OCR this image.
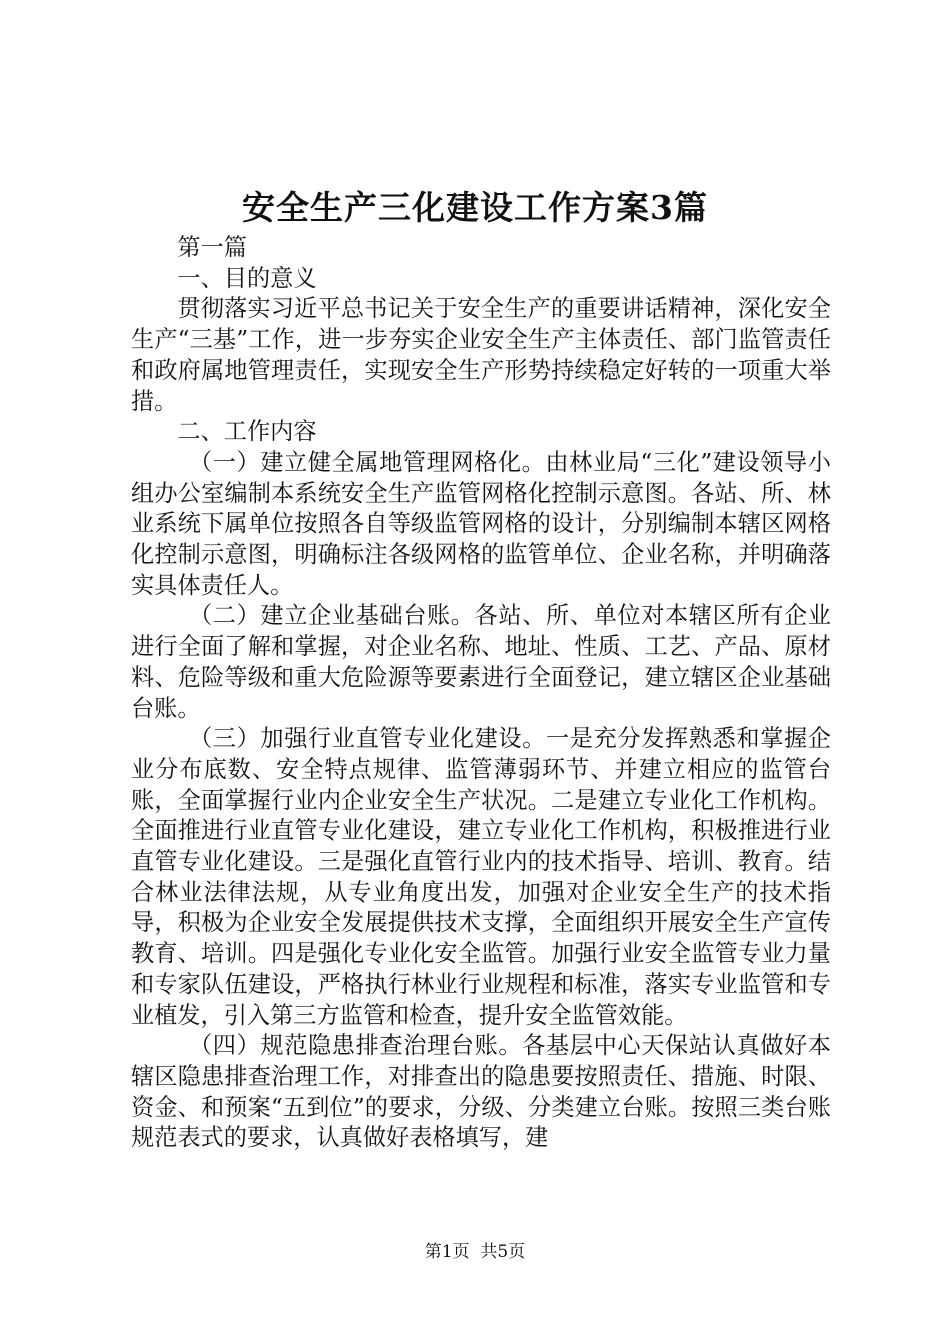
安全生产三化建设工作方案3篇

第一篇

一、目的意义

贯彻落实习近平总书记关于安全生产的重要讲话精神，深化安全生产“三基”工作，进一步夯实企业安全生产主体责任、部门监管责任和政府属地管理责任，实现安全生产形势持续稳定好转的一项重大举措。

二、工作内容

（一）建立健全属地管理网格化。由林业局“三化”建设领导小组办公室编制本系统安全生产监管网格化控制示意图。各站、所、林业系统下属单位按照各自等级监管网格的设计，分别编制本辖区网格化控制示意图，明确标注各级网格的监管单位、企业名称，并明确落实具体责任人。

（二）建立企业基础台账。各站、所、单位对本辖区所有企业进行全面了解和掌握，对企业名称、地址、性质、工艺、产品、原材料、危险等级和重大危险源等要素进行全面登记，建立辖区企业基础台账。

（三）加强行业直管专业化建设。一是充分发挥熟悉和掌握企业分布底数、安全特点规律、监管薄弱环节、并建立相应的监管台账，全面掌握行业内企业安全生产状况。二是建立专业化工作机构。全面推进行业直管专业化建设，建立专业化工作机构，积极推进行业直管专业化建设。三是强化直管行业内的技术指导、培训、教育。结合林业法律法规，从专业角度出发，加强对企业安全生产的技术指导，积极为企业安全发展提供技术支撑，全面组织开展安全生产宣传教育、培训。四是强化专业化安全监管。加强行业安全监管专业力量和专家队伍建设，严格执行林业行业规程和标准，落实专业监管和专业植发，引入第三方监管和检查，提升安全监管效能。

（四）规范隐患排查治理台账。各基层中心天保站认真做好本辖区隐患排查治理工作，对排查出的隐患要按照责任、措施、时限、资金、和预案“五到位”的要求，分级、分类建立台账。按照三类台账规范表式的要求，认真做好表格填写，建

第1页 共5页
